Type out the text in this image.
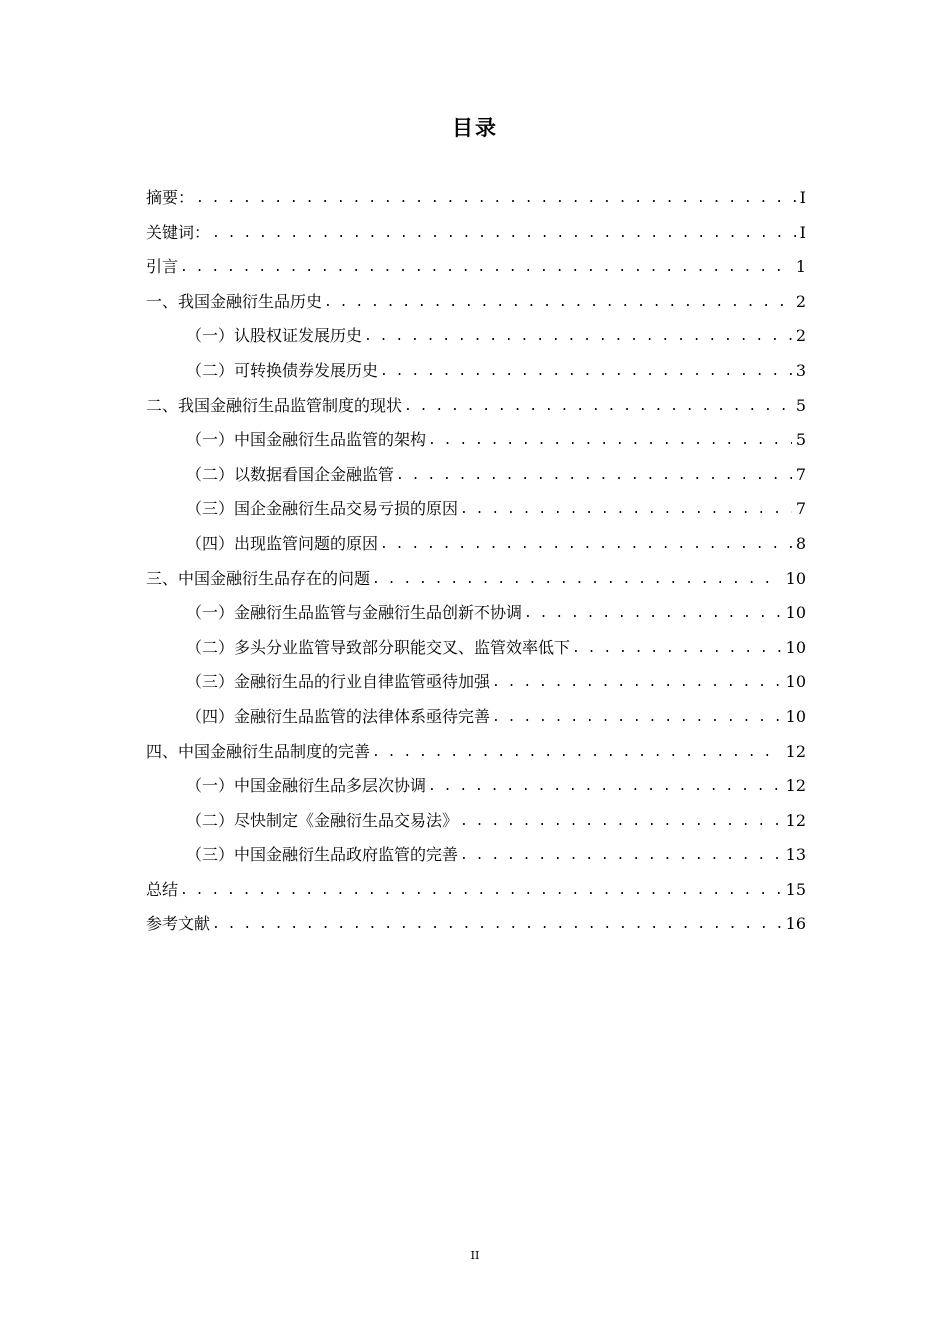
目录
摘要： . . .	I
关键词： . . .	I
引言 . . .	1
一、我国金融衍生品历史 . . .	2
（一）认股权证发展历史 . . .	2
（二）可转换债券发展历史 . . .	3
二、我国金融衍生品监管制度的现状 . . .	5
（一）中国金融衍生品监管的架构 . . .	5
（二）以数据看国企金融监管 . . .	7
（三）国企金融衍生品交易亏损的原因 . . .	7
（四）出现监管问题的原因 . . .	8
三、中国金融衍生品存在的问题 . . .	10
（一）金融衍生品监管与金融衍生品创新不协调 . . .	10
（二）多头分业监管导致部分职能交叉、监管效率低下 . . .	10
（三）金融衍生品的行业自律监管亟待加强 . . .	10
（四）金融衍生品监管的法律体系亟待完善 . . .	10
四、中国金融衍生品制度的完善 . . .	12
（一）中国金融衍生品多层次协调 . . .	12
（二）尽快制定《金融衍生品交易法》 . . .	12
（三）中国金融衍生品政府监管的完善 . . .	13
总结 . . .	15
参考文献 . . .	16
II
